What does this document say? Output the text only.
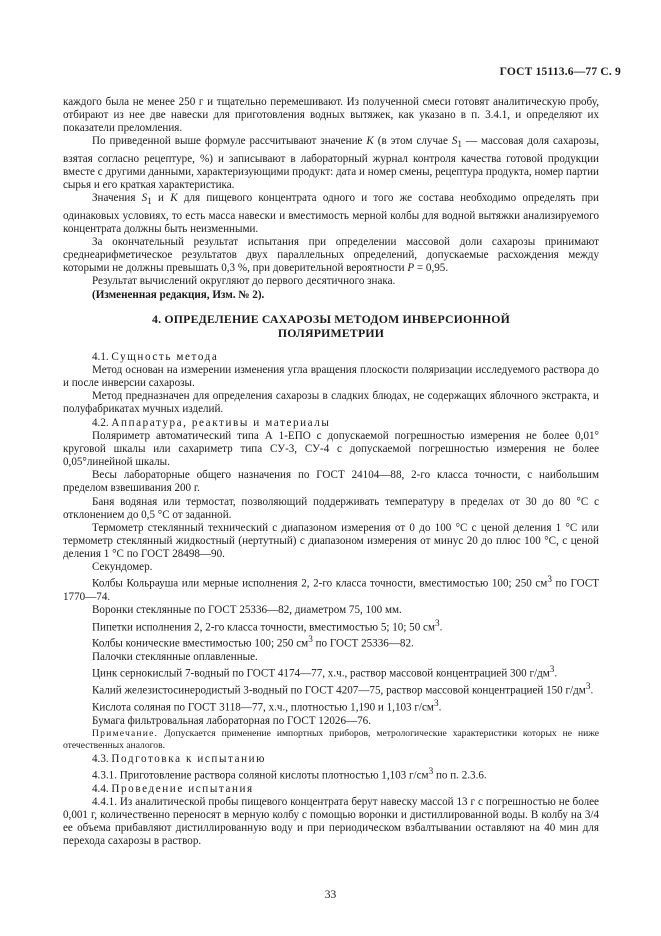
ГОСТ 15113.6—77 С. 9

каждого была не менее 250 г и тщательно перемешивают. Из полученной смеси готовят аналитическую пробу, отбирают из нее две навески для приготовления водных вытяжек, как указано в п. 3.4.1, и определяют их показатели преломления.

По приведенной выше формуле рассчитывают значение K (в этом случае $S_1$ — массовая доля сахарозы, взятая согласно рецептуре, %) и записывают в лабораторный журнал контроля качества готовой продукции вместе с другими данными, характеризующими продукт: дата и номер смены, рецептура продукта, номер партии сырья и его краткая характеристика.

Значения $S_1$ и K для пищевого концентрата одного и того же состава необходимо определять при одинаковых условиях, то есть масса навески и вместимость мерной колбы для водной вытяжки анализируемого концентрата должны быть неизменными.

За окончательный результат испытания при определении массовой доли сахарозы принимают среднеарифметическое результатов двух параллельных определений, допускаемые расхождения между которыми не должны превышать 0,3 %, при доверительной вероятности P = 0,95.

Результат вычислений округляют до первого десятичного знака.

(Измененная редакция, Изм. № 2).

4. ОПРЕДЕЛЕНИЕ САХАРОЗЫ МЕТОДОМ ИНВЕРСИОННОЙ
ПОЛЯРИМЕТРИИ

4.1. Сущность метода

Метод основан на измерении изменения угла вращения плоскости поляризации исследуемого раствора до и после инверсии сахарозы.

Метод предназначен для определения сахарозы в сладких блюдах, не содержащих яблочного экстракта, и полуфабрикатах мучных изделий.

4.2. Аппаратура, реактивы и материалы

Поляриметр автоматический типа А 1-ЕПО с допускаемой погрешностью измерения не более 0,01° круговой шкалы или сахариметр типа СУ-3, СУ-4 с допускаемой погрешностью измерения не более 0,05°линейной шкалы.

Весы лабораторные общего назначения по ГОСТ 24104—88, 2-го класса точности, с наибольшим пределом взвешивания 200 г.

Баня водяная или термостат, позволяющий поддерживать температуру в пределах от 30 до 80 °С с отклонением до 0,5 °С от заданной.

Термометр стеклянный технический с диапазоном измерения от 0 до 100 °С с ценой деления 1 °С или термометр стеклянный жидкостный (нертутный) с диапазоном измерения от минус 20 до плюс 100 °С, с ценой деления 1 °С по ГОСТ 28498—90.

Секундомер.

Колбы Кольрауша или мерные исполнения 2, 2-го класса точности, вместимостью 100; 250 $см^3$ по ГОСТ 1770—74.

Воронки стеклянные по ГОСТ 25336—82, диаметром 75, 100 мм.

Пипетки исполнения 2, 2-го класса точности, вместимостью 5; 10; 50 $см^3$.

Колбы конические вместимостью 100; 250 $см^3$ по ГОСТ 25336—82.

Палочки стеклянные оплавленные.

Цинк сернокислый 7-водный по ГОСТ 4174—77, х.ч., раствор массовой концентрацией 300 $г/дм^3$.

Калий железистосинеродистый 3-водный по ГОСТ 4207—75, раствор массовой концентрацией 150 $г/дм^3$.

Кислота соляная по ГОСТ 3118—77, х.ч., плотностью 1,190 и 1,103 $г/см^3$.

Бумага фильтровальная лабораторная по ГОСТ 12026—76.

Примечание. Допускается применение импортных приборов, метрологические характеристики которых не ниже отечественных аналогов.

4.3. Подготовка к испытанию

4.3.1. Приготовление раствора соляной кислоты плотностью 1,103 $г/см^3$ по п. 2.3.6.

4.4. Проведение испытания

4.4.1. Из аналитической пробы пищевого концентрата берут навеску массой 13 г с погрешностью не более 0,001 г, количественно переносят в мерную колбу с помощью воронки и дистиллированной воды. В колбу на 3/4 ее объема прибавляют дистиллированную воду и при периодическом взбалтывании оставляют на 40 мин для перехода сахарозы в раствор.

33
